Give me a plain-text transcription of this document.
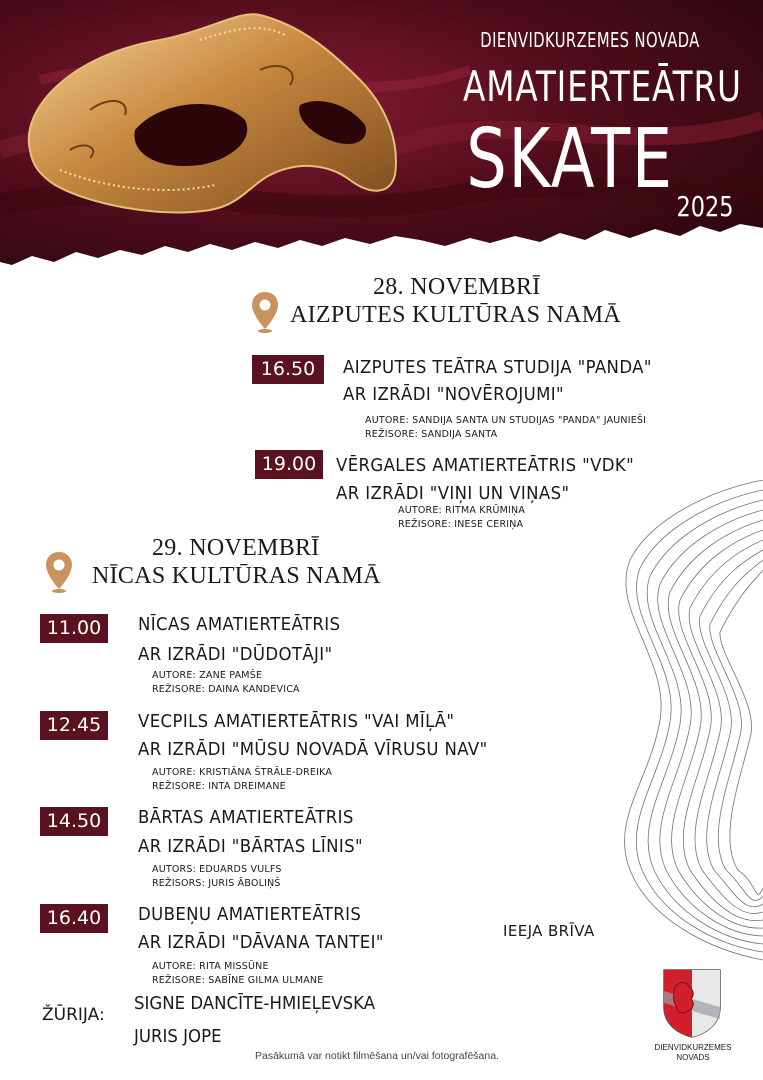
DIENVIDKURZEMES NOVADA
AMATIERTEĀTRU
SKATE 2025
28. NOVEMBRĪ
AIZPUTES KULTŪRAS NAMĀ
16.50	AIZPUTES TEĀTRA STUDIJA "PANDA"
AR IZRĀDI "NOVĒROJUMI"
AUTORE: SANDIJA SANTA UN STUDIJAS "PANDA" JAUNIEŠI
REŽISORE: SANDIJA SANTA
19.00	VĒRGALES AMATIERTEĀTRIS "VDK"
AR IZRĀDI "VIŅI UN VIŅAS"
AUTORE: RITMA KRŪMIŅA
REŽISORE: INESE CERIŅA
29. NOVEMBRĪ
NĪCAS KULTŪRAS NAMĀ
11.00	NĪCAS AMATIERTEĀTRIS
AR IZRĀDI "DŪDOTĀJI"
AUTORE: ZANE PAMŠE
REŽISORE: DAINA KANDEVICA
12.45	VECPILS AMATIERTEĀTRIS "VAI MĪĻĀ"
AR IZRĀDI "MŪSU NOVADĀ VĪRUSU NAV"
AUTORE: KRISTIĀNA ŠTRĀLE-DREIKA
REŽISORE: INTA DREIMANE
14.50	BĀRTAS AMATIERTEĀTRIS
AR IZRĀDI "BĀRTAS LĪNIS"
AUTORS: EDUARDS VULFS
REŽISORS: JURIS ĀBOLIŅŠ
16.40	DUBEŅU AMATIERTEĀTRIS
AR IZRĀDI "DĀVANA TANTEI"
AUTORE: RITA MISSŪNE
REŽISORE: SABĪNE GILMA ULMANE
IEEJA BRĪVA
ŽŪRIJA:
SIGNE DANCĪTE-HMIEĻEVSKA
JURIS JOPE
Pasākumā var notikt filmēšana un/vai fotografēšana.
DIENVIDKURZEMES
NOVADS
